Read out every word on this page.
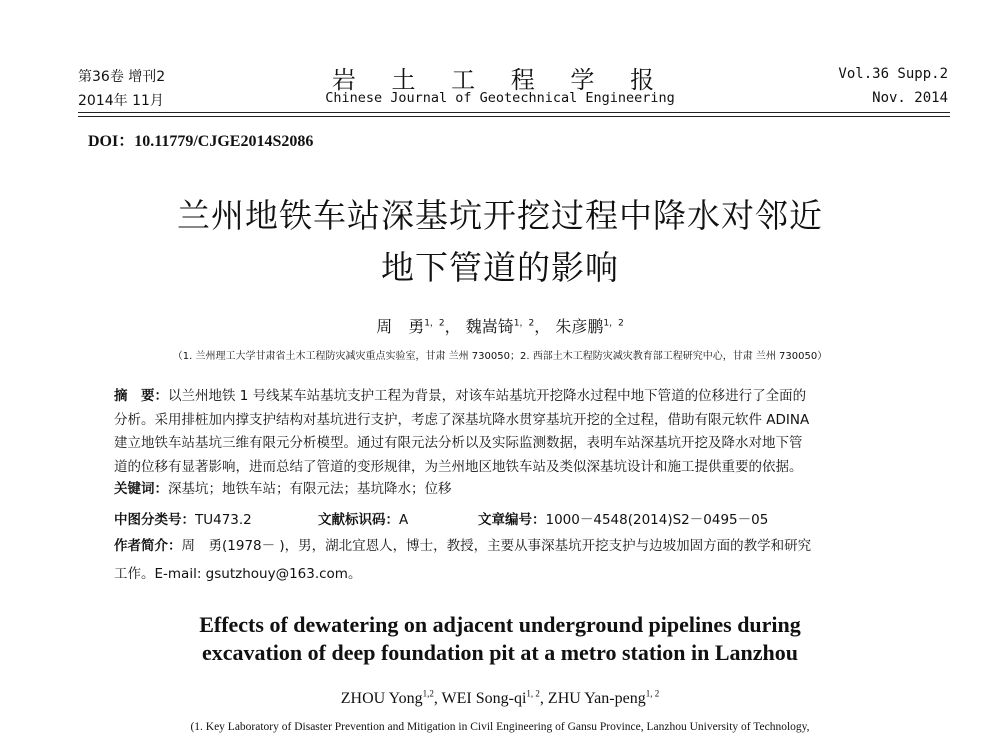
第36卷 增刊2
2014年 11月
岩 土 工 程 学 报
Chinese Journal of Geotechnical Engineering
Vol.36 Supp.2
Nov. 2014
DOI：10.11779/CJGE2014S2086
兰州地铁车站深基坑开挖过程中降水对邻近
地下管道的影响
周　勇$^{1,2}$， 魏嵩锜$^{1,2}$， 朱彦鹏$^{1,2}$
（1. 兰州理工大学甘肃省土木工程防灾减灾重点实验室，甘肃 兰州 730050；2. 西部土木工程防灾减灾教育部工程研究中心，甘肃 兰州 730050）

摘　要：以兰州地铁 1 号线某车站基坑支护工程为背景，对该车站基坑开挖降水过程中地下管道的位移进行了全面的

分析。采用排桩加内撑支护结构对基坑进行支护，考虑了深基坑降水贯穿基坑开挖的全过程，借助有限元软件 ADINA

建立地铁车站基坑三维有限元分析模型。通过有限元法分析以及实际监测数据，表明车站深基坑开挖及降水对地下管

道的位移有显著影响，进而总结了管道的变形规律，为兰州地区地铁车站及类似深基坑设计和施工提供重要的依据。

关键词：深基坑；地铁车站；有限元法；基坑降水；位移

中图分类号：TU473.2	文献标识码：A	文章编号：1000－4548(2014)S2－0495－05
作者简介：周　勇(1978－ )，男，湖北宜恩人，博士，教授，主要从事深基坑开挖支护与边坡加固方面的教学和研究
工作。E-mail: gsutzhouy@163.com。
Effects of dewatering on adjacent underground pipelines during
excavation of deep foundation pit at a metro station in Lanzhou
ZHOU Yong$^{1,2}$, WEI Song-qi$^{1, 2}$, ZHU Yan-peng$^{1, 2}$
(1. Key Laboratory of Disaster Prevention and Mitigation in Civil Engineering of Gansu Province, Lanzhou University of Technology,
